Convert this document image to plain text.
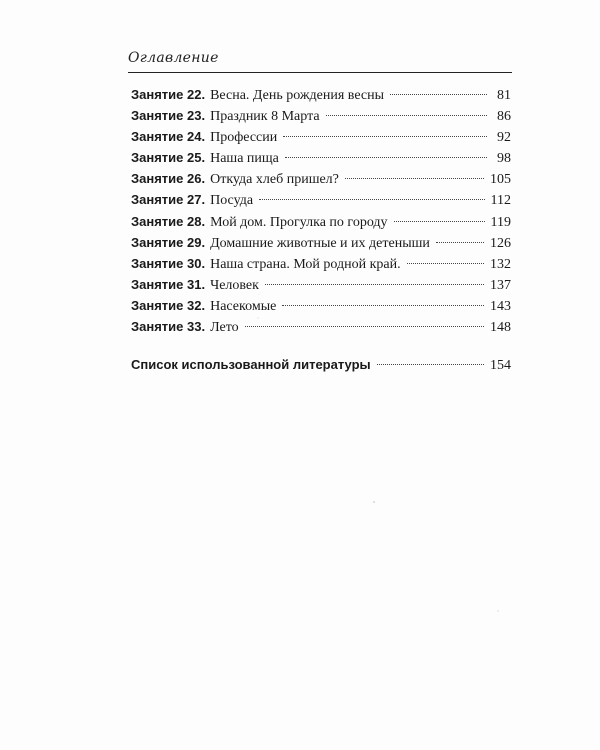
Оглавление
Занятие 22. Весна. День рождения весны	81
Занятие 23. Праздник 8 Марта	86
Занятие 24. Профессии	92
Занятие 25. Наша пища	98
Занятие 26. Откуда хлеб пришел?	105
Занятие 27. Посуда	112
Занятие 28. Мой дом. Прогулка по городу	119
Занятие 29. Домашние животные и их детеныши	126
Занятие 30. Наша страна. Мой родной край.	132
Занятие 31. Человек	137
Занятие 32. Насекомые	143
Занятие 33. Лето	148
Список использованной литературы	154
